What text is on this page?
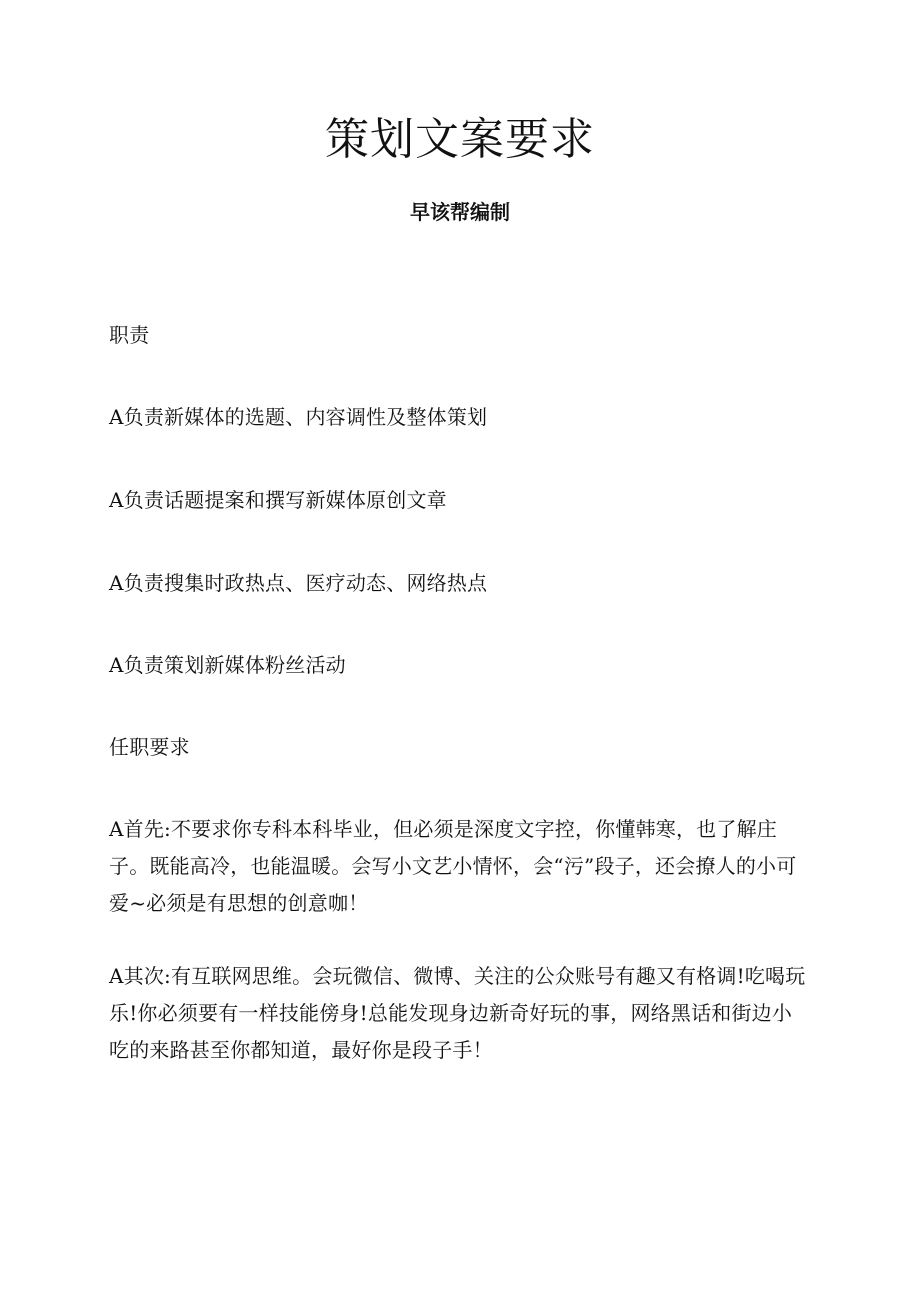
策划文案要求

早该帮编制

职责

A负责新媒体的选题、内容调性及整体策划

A负责话题提案和撰写新媒体原创文章

A负责搜集时政热点、医疗动态、网络热点

A负责策划新媒体粉丝活动

任职要求

A首先:不要求你专科本科毕业，但必须是深度文字控，你懂韩寒，也了解庄子。既能高冷，也能温暖。会写小文艺小情怀，会“污”段子，还会撩人的小可爱~必须是有思想的创意咖！

A其次:有互联网思维。会玩微信、微博、关注的公众账号有趣又有格调!吃喝玩乐!你必须要有一样技能傍身!总能发现身边新奇好玩的事，网络黑话和街边小吃的来路甚至你都知道，最好你是段子手！
